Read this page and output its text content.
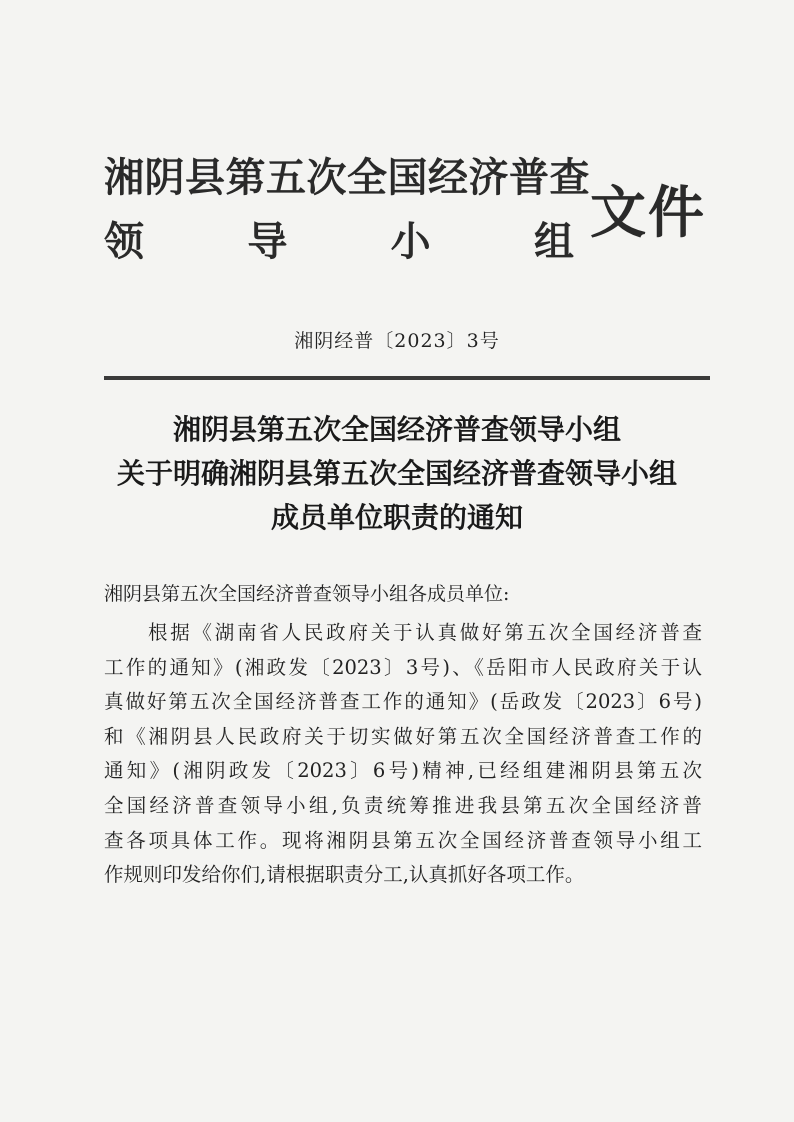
湘阴县第五次全国经济普查
领	导	小	组 文件
湘阴经普〔2023〕3号
湘阴县第五次全国经济普查领导小组
关于明确湘阴县第五次全国经济普查领导小组
成员单位职责的通知
湘阴县第五次全国经济普查领导小组各成员单位:
根据《湖南省人民政府关于认真做好第五次全国经济普查
工作的通知》(湘政发〔2023〕3号)、《岳阳市人民政府关于认
真做好第五次全国经济普查工作的通知》(岳政发〔2023〕6号)
和《湘阴县人民政府关于切实做好第五次全国经济普查工作的
通知》(湘阴政发〔2023〕6号)精神,已经组建湘阴县第五次
全国经济普查领导小组,负责统筹推进我县第五次全国经济普
查各项具体工作。现将湘阴县第五次全国经济普查领导小组工
作规则印发给你们,请根据职责分工,认真抓好各项工作。
